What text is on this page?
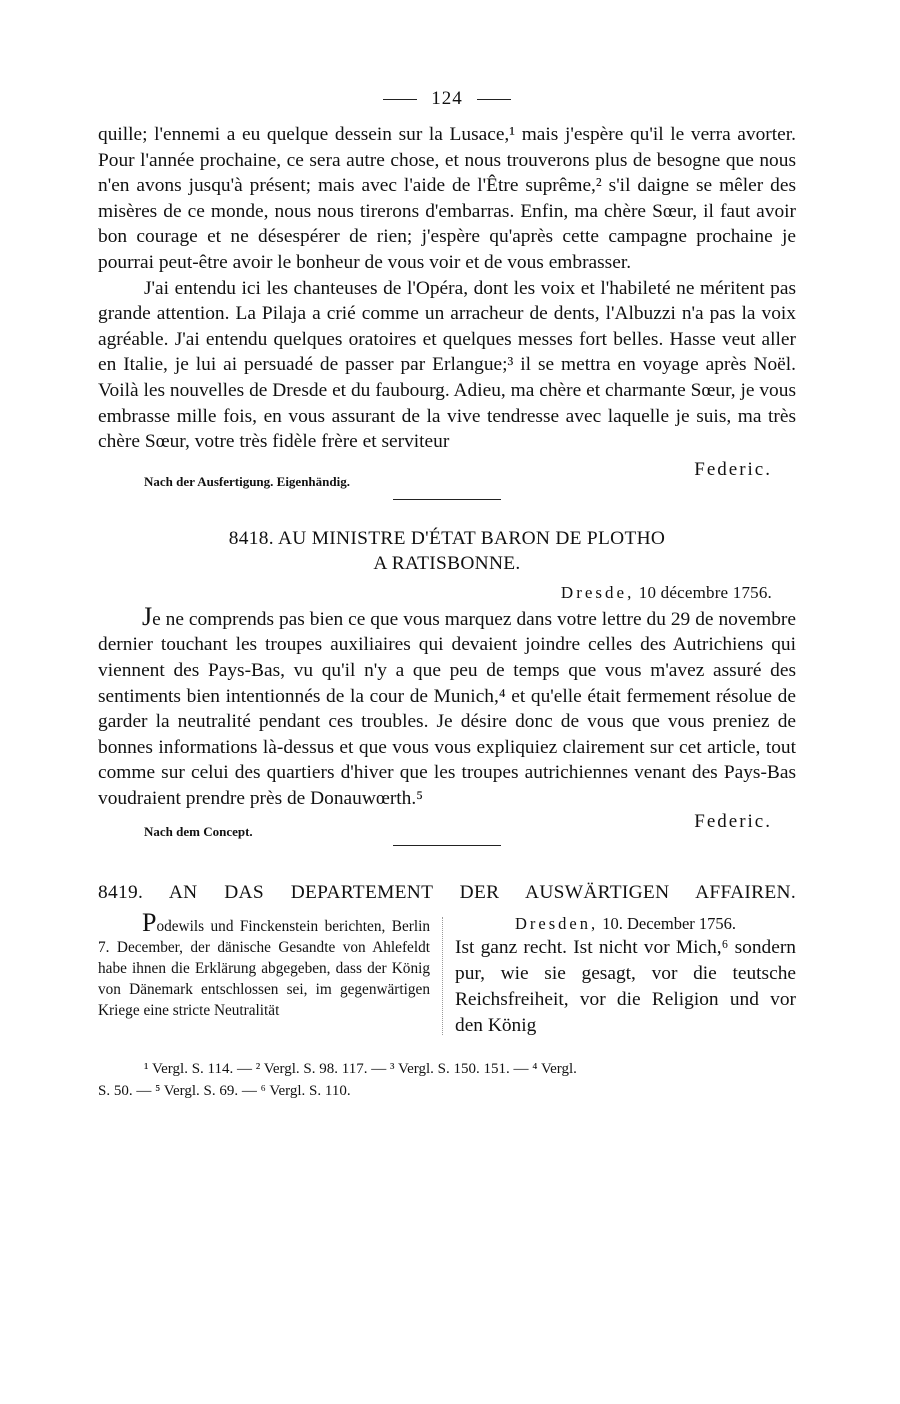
124

quille; l'ennemi a eu quelque dessein sur la Lusace,¹ mais j'espère qu'il le verra avorter. Pour l'année prochaine, ce sera autre chose, et nous trouverons plus de besogne que nous n'en avons jusqu'à présent; mais avec l'aide de l'Être suprême,² s'il daigne se mêler des misères de ce monde, nous nous tirerons d'embarras. Enfin, ma chère Sœur, il faut avoir bon courage et ne désespérer de rien; j'espère qu'après cette campagne prochaine je pourrai peut-être avoir le bonheur de vous voir et de vous embrasser.

J'ai entendu ici les chanteuses de l'Opéra, dont les voix et l'habileté ne méritent pas grande attention. La Pilaja a crié comme un arracheur de dents, l'Albuzzi n'a pas la voix agréable. J'ai entendu quelques oratoires et quelques messes fort belles. Hasse veut aller en Italie, je lui ai persuadé de passer par Erlangue;³ il se mettra en voyage après Noël. Voilà les nouvelles de Dresde et du faubourg. Adieu, ma chère et charmante Sœur, je vous embrasse mille fois, en vous assurant de la vive tendresse avec laquelle je suis, ma très chère Sœur, votre très fidèle frère et serviteur

Federic.
Nach der Ausfertigung. Eigenhändig.
8418. AU MINISTRE D'ÉTAT BARON DE PLOTHO
A RATISBONNE.
Dresde, 10 décembre 1756.

Je ne comprends pas bien ce que vous marquez dans votre lettre du 29 de novembre dernier touchant les troupes auxiliaires qui devaient joindre celles des Autrichiens qui viennent des Pays-Bas, vu qu'il n'y a que peu de temps que vous m'avez assuré des sentiments bien intentionnés de la cour de Munich,⁴ et qu'elle était fermement résolue de garder la neutralité pendant ces troubles. Je désire donc de vous que vous preniez de bonnes informations là-dessus et que vous vous expliquiez clairement sur cet article, tout comme sur celui des quartiers d'hiver que les troupes autrichiennes venant des Pays-Bas voudraient prendre près de Donauwœrth.⁵

Federic.
Nach dem Concept.
8419. AN DAS DEPARTEMENT DER AUSWÄRTIGEN AFFAIREN.
Podewils und Finckenstein berichten, Berlin 7. December, der dänische Gesandte von Ahlefeldt habe ihnen die Erklärung abgegeben, dass der König von Dänemark entschlossen sei, im gegenwärtigen Kriege eine stricte Neutralität
Dresden, 10. December 1756.

Ist ganz recht. Ist nicht vor Mich,⁶ sondern pur, wie sie gesagt, vor die teutsche Reichsfreiheit, vor die Religion und vor den König

¹ Vergl. S. 114. — ² Vergl. S. 98. 117. — ³ Vergl. S. 150. 151. — ⁴ Vergl.
S. 50. — ⁵ Vergl. S. 69. — ⁶ Vergl. S. 110.
